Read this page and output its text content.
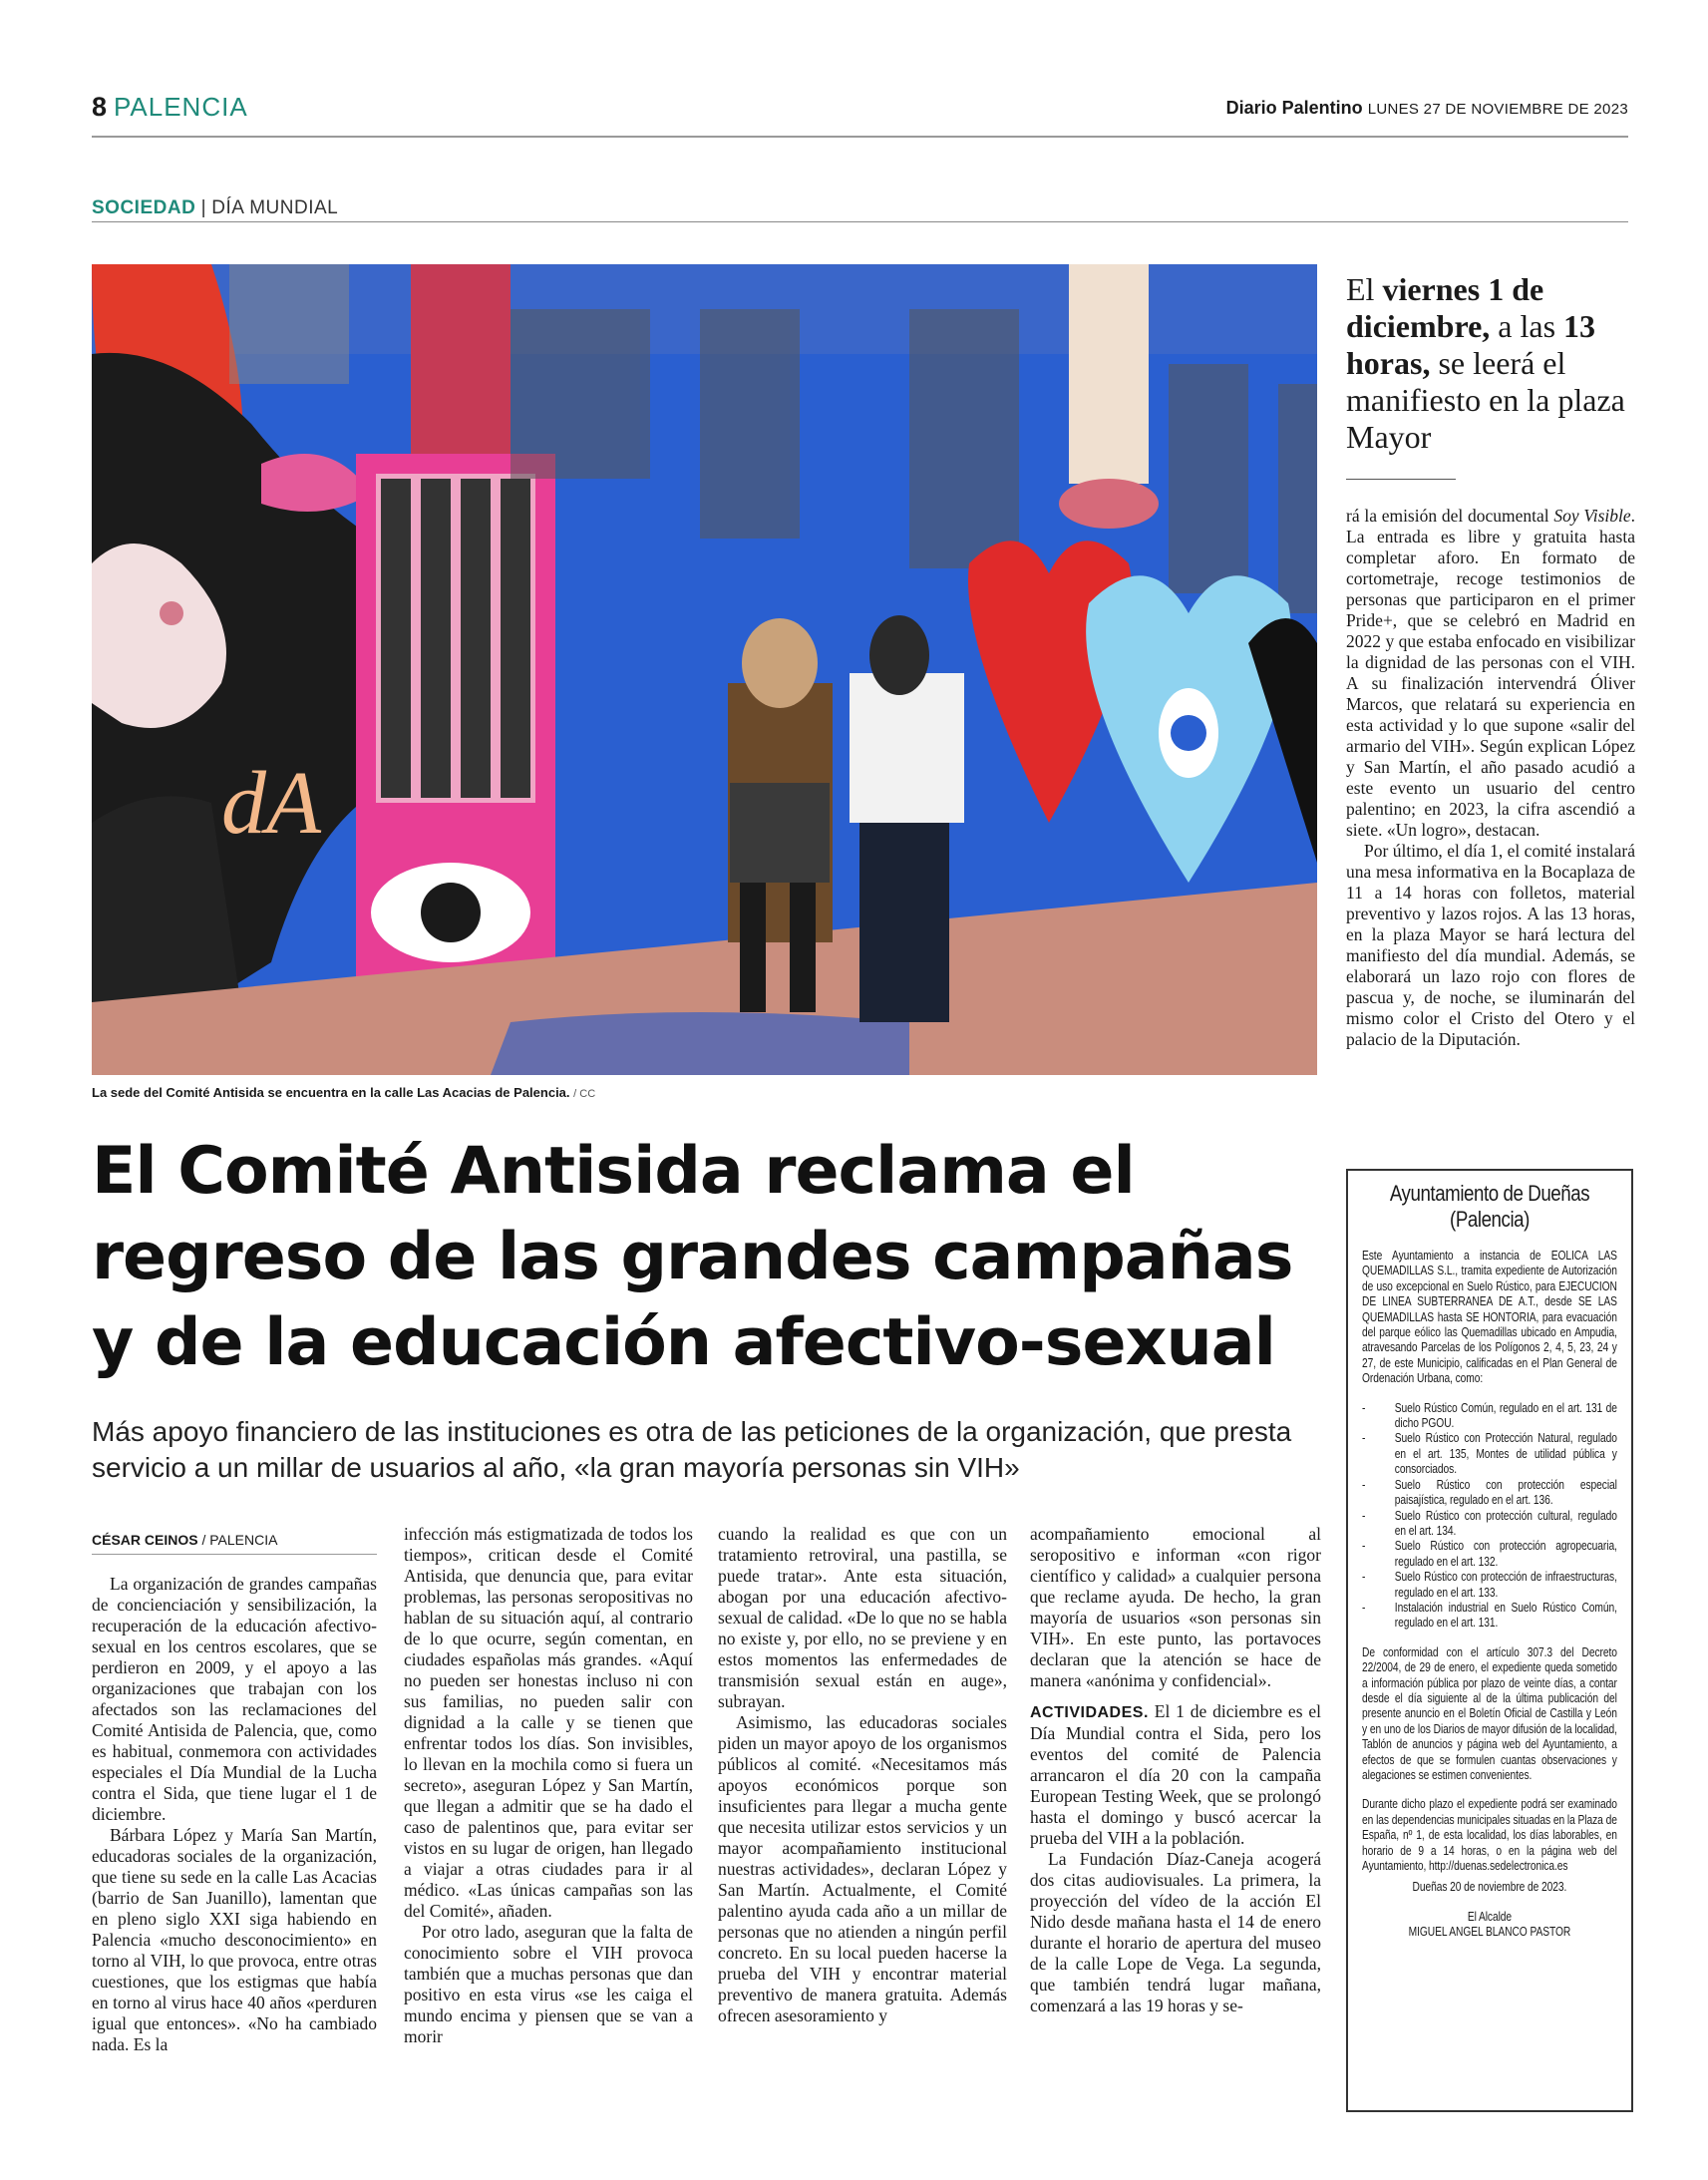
8 PALENCIA	Diario Palentino LUNES 27 DE NOVIEMBRE DE 2023
SOCIEDAD | DÍA MUNDIAL
dA
La sede del Comité Antisida se encuentra en la calle Las Acacias de Palencia. / CC
El Comité Antisida reclama el regreso de las grandes campañas y de la educación afectivo-sexual
Más apoyo financiero de las instituciones es otra de las peticiones de la organización, que presta servicio a un millar de usuarios al año, «la gran mayoría personas sin VIH»
CÉSAR CEINOS / PALENCIA

La organización de grandes campañas de concienciación y sensibilización, la recuperación de la educación afectivo-sexual en los centros escolares, que se perdieron en 2009, y el apoyo a las organizaciones que trabajan con los afectados son las reclamaciones del Comité Antisida de Palencia, que, como es habitual, conmemora con actividades especiales el Día Mundial de la Lucha contra el Sida, que tiene lugar el 1 de diciembre.

Bárbara López y María San Martín, educadoras sociales de la organización, que tiene su sede en la calle Las Acacias (barrio de San Juanillo), lamentan que en pleno siglo XXI siga habiendo en Palencia «mucho desconocimiento» en torno al VIH, lo que provoca, entre otras cuestiones, que los estigmas que había en torno al virus hace 40 años «perduren igual que entonces». «No ha cambiado nada. Es la

infección más estigmatizada de todos los tiempos», critican desde el Comité Antisida, que denuncia que, para evitar problemas, las personas seropositivas no hablan de su situación aquí, al contrario de lo que ocurre, según comentan, en ciudades españolas más grandes. «Aquí no pueden ser honestas incluso ni con sus familias, no pueden salir con dignidad a la calle y se tienen que enfrentar todos los días. Son invisibles, lo llevan en la mochila como si fuera un secreto», aseguran López y San Martín, que llegan a admitir que se ha dado el caso de palentinos que, para evitar ser vistos en su lugar de origen, han llegado a viajar a otras ciudades para ir al médico. «Las únicas campañas son las del Comité», añaden.

Por otro lado, aseguran que la falta de conocimiento sobre el VIH provoca también que a muchas personas que dan positivo en esta virus «se les caiga el mundo encima y piensen que se van a morir

cuando la realidad es que con un tratamiento retroviral, una pastilla, se puede tratar». Ante esta situación, abogan por una educación afectivo-sexual de calidad. «De lo que no se habla no existe y, por ello, no se previene y en estos momentos las enfermedades de transmisión sexual están en auge», subrayan.

Asimismo, las educadoras sociales piden un mayor apoyo de los organismos públicos al comité. «Necesitamos más apoyos económicos porque son insuficientes para llegar a mucha gente que necesita utilizar estos servicios y un mayor acompañamiento institucional nuestras actividades», declaran López y San Martín. Actualmente, el Comité palentino ayuda cada año a un millar de personas que no atienden a ningún perfil concreto. En su local pueden hacerse la prueba del VIH y encontrar material preventivo de manera gratuita. Además ofrecen asesoramiento y

acompañamiento emocional al seropositivo e informan «con rigor científico y calidad» a cualquier persona que reclame ayuda. De hecho, la gran mayoría de usuarios «son personas sin VIH». En este punto, las portavoces declaran que la atención se hace de manera «anónima y confidencial».

ACTIVIDADES. El 1 de diciembre es el Día Mundial contra el Sida, pero los eventos del comité de Palencia arrancaron el día 20 con la campaña European Testing Week, que se prolongó hasta el domingo y buscó acercar la prueba del VIH a la población.

La Fundación Díaz-Caneja acogerá dos citas audiovisuales. La primera, la proyección del vídeo de la acción El Nido desde mañana hasta el 14 de enero durante el horario de apertura del museo de la calle Lope de Vega. La segunda, que también tendrá lugar mañana, comenzará a las 19 horas y se-

El viernes 1 de diciembre, a las 13 horas, se leerá el manifiesto en la plaza Mayor

rá la emisión del documental Soy Visible. La entrada es libre y gratuita hasta completar aforo. En formato de cortometraje, recoge testimonios de personas que participaron en el primer Pride+, que se celebró en Madrid en 2022 y que estaba enfocado en visibilizar la dignidad de las personas con el VIH. A su finalización intervendrá Óliver Marcos, que relatará su experiencia en esta actividad y lo que supone «salir del armario del VIH». Según explican López y San Martín, el año pasado acudió a este evento un usuario del centro palentino; en 2023, la cifra ascendió a siete. «Un logro», destacan.

Por último, el día 1, el comité instalará una mesa informativa en la Bocaplaza de 11 a 14 horas con folletos, material preventivo y lazos rojos. A las 13 horas, en la plaza Mayor se hará lectura del manifiesto del día mundial. Además, se elaborará un lazo rojo con flores de pascua y, de noche, se iluminarán del mismo color el Cristo del Otero y el palacio de la Diputación.

Ayuntamiento de Dueñas
(Palencia)

Este Ayuntamiento a instancia de EOLICA LAS QUEMADILLAS S.L., tramita expediente de Autorización de uso excepcional en Suelo Rústico, para EJECUCION DE LINEA SUBTERRANEA DE A.T., desde SE LAS QUEMADILLAS hasta SE HONTORIA, para evacuación del parque eólico las Quemadillas ubicado en Ampudia, atravesando Parcelas de los Polígonos 2, 4, 5, 23, 24 y 27, de este Municipio, calificadas en el Plan General de Ordenación Urbana, como:

- Suelo Rústico Común, regulado en el art. 131 de dicho PGOU.
- Suelo Rústico con Protección Natural, regulado en el art. 135, Montes de utilidad pública y consorciados.
- Suelo Rústico con protección especial paisajística, regulado en el art. 136.
- Suelo Rústico con protección cultural, regulado en el art. 134.
- Suelo Rústico con protección agropecuaria, regulado en el art. 132.
- Suelo Rústico con protección de infraestructuras, regulado en el art. 133.
- Instalación industrial en Suelo Rústico Común, regulado en el art. 131.

De conformidad con el artículo 307.3 del Decreto 22/2004, de 29 de enero, el expediente queda sometido a información pública por plazo de veinte días, a contar desde el día siguiente al de la última publicación del presente anuncio en el Boletín Oficial de Castilla y León y en uno de los Diarios de mayor difusión de la localidad, Tablón de anuncios y página web del Ayuntamiento, a efectos de que se formulen cuantas observaciones y alegaciones se estimen convenientes.

Durante dicho plazo el expediente podrá ser examinado en las dependencias municipales situadas en la Plaza de España, nº 1, de esta localidad, los días laborables, en horario de 9 a 14 horas, o en la página web del Ayuntamiento, http://duenas.sedelectronica.es

Dueñas 20 de noviembre de 2023.

El Alcalde

MIGUEL ANGEL BLANCO PASTOR
